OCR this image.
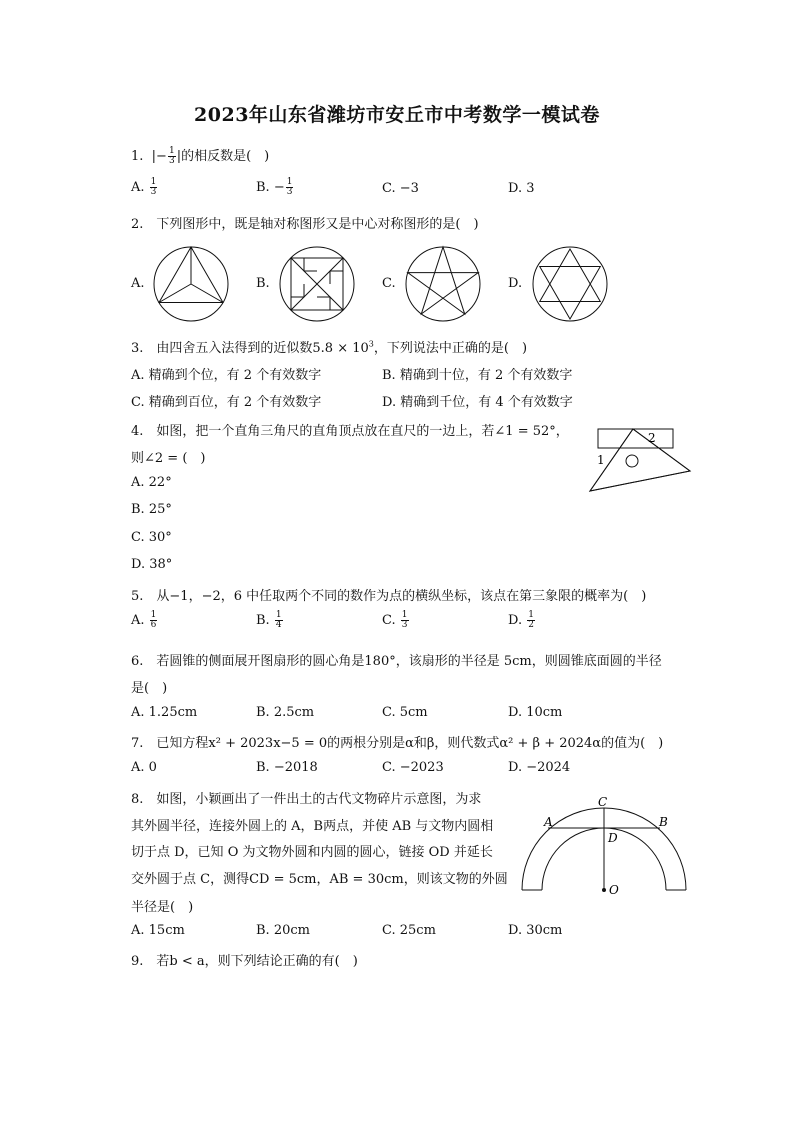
2023年山东省潍坊市安丘市中考数学一模试卷
1. |− $\frac{1}{3}$ |的相反数是(　)
A. $\frac{1}{3}$	B. − $\frac{1}{3}$	C. −3	D. 3
2.　下列图形中，既是轴对称图形又是中心对称图形的是(　)
A.	B.	C.	D.
3.　由四舍五入法得到的近似数$5.8 \times 10^3$，下列说法中正确的是(　)
A. 精确到个位，有 2 个有效数字	B. 精确到十位，有 2 个有效数字
C. 精确到百位，有 2 个有效数字	D. 精确到千位，有 4 个有效数字
4.　如图，把一个直角三角尺的直角顶点放在直尺的一边上，若∠1 = 52°，
则∠2 = (　)
A. 22°
B. 25°
C. 30°
D. 38°
1
2
5.　从−1，−2，6 中任取两个不同的数作为点的横纵坐标，该点在第三象限的概率为(　)
A. $\frac{1}{6}$	B. $\frac{1}{4}$	C. $\frac{1}{3}$	D. $\frac{1}{2}$
6.　若圆锥的侧面展开图扇形的圆心角是180°，该扇形的半径是 5cm，则圆锥底面圆的半径
是(　)
A. 1.25cm	B. 2.5cm	C. 5cm	D. 10cm
7.　已知方程x² + 2023x−5 = 0的两根分别是α和β，则代数式α² + β + 2024α的值为(　)
A. 0	B. −2018	C. −2023	D. −2024
8.　如图，小颖画出了一件出土的古代文物碎片示意图，为求
其外圆半径，连接外圆上的 A，B两点，并使 AB 与文物内圆相
切于点 D，已知 O 为文物外圆和内圆的圆心，链接 OD 并延长
交外圆于点 C，测得CD = 5cm，AB = 30cm，则该文物的外圆
半径是(　)
A. 15cm	B. 20cm	C. 25cm	D. 30cm
A	B
C
D
O
9.　若b < a，则下列结论正确的有(　)
